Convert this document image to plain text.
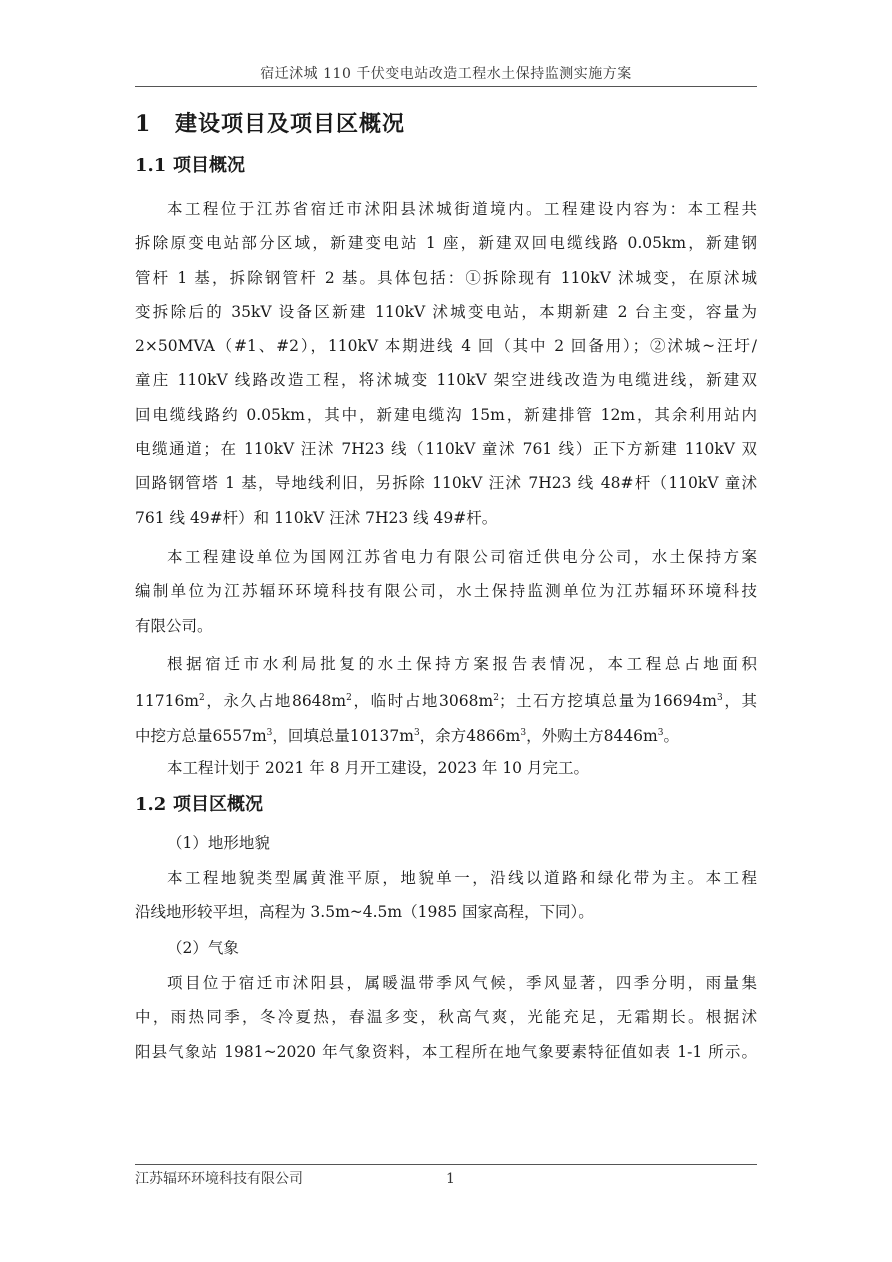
宿迁沭城 110 千伏变电站改造工程水土保持监测实施方案
1 建设项目及项目区概况
1.1 项目概况
本工程位于江苏省宿迁市沭阳县沭城街道境内。工程建设内容为：本工程共
拆除原变电站部分区域，新建变电站 1 座，新建双回电缆线路 0.05km，新建钢
管杆 1 基，拆除钢管杆 2 基。具体包括：①拆除现有 110kV 沭城变，在原沭城
变拆除后的 35kV 设备区新建 110kV 沭城变电站，本期新建 2 台主变，容量为
2×50MVA（#1、#2），110kV 本期进线 4 回（其中 2 回备用）；②沭城~汪圩/
童庄 110kV 线路改造工程，将沭城变 110kV 架空进线改造为电缆进线，新建双
回电缆线路约 0.05km，其中，新建电缆沟 15m，新建排管 12m，其余利用站内
电缆通道；在 110kV 汪沭 7H23 线（110kV 童沭 761 线）正下方新建 110kV 双
回路钢管塔 1 基，导地线利旧，另拆除 110kV 汪沭 7H23 线 48#杆（110kV 童沭
761 线 49#杆）和 110kV 汪沭 7H23 线 49#杆。
本工程建设单位为国网江苏省电力有限公司宿迁供电分公司，水土保持方案
编制单位为江苏辐环环境科技有限公司，水土保持监测单位为江苏辐环环境科技
有限公司。
根据宿迁市水利局批复的水土保持方案报告表情况，本工程总占地面积
$11716m^2$，永久占地$8648m^2$，临时占地$3068m^2$；土石方挖填总量为$16694m^3$，其
中挖方总量$6557m^3$，回填总量$10137m^3$，余方$4866m^3$，外购土方$8446m^3$。
本工程计划于 2021 年 8 月开工建设，2023 年 10 月完工。
1.2 项目区概况
（1）地形地貌
本工程地貌类型属黄淮平原，地貌单一，沿线以道路和绿化带为主。本工程
沿线地形较平坦，高程为 3.5m~4.5m（1985 国家高程，下同）。
（2）气象
项目位于宿迁市沭阳县，属暖温带季风气候，季风显著，四季分明，雨量集
中，雨热同季，冬冷夏热，春温多变，秋高气爽，光能充足，无霜期长。根据沭
阳县气象站 1981~2020 年气象资料，本工程所在地气象要素特征值如表 1-1 所示。
江苏辐环环境科技有限公司	1
